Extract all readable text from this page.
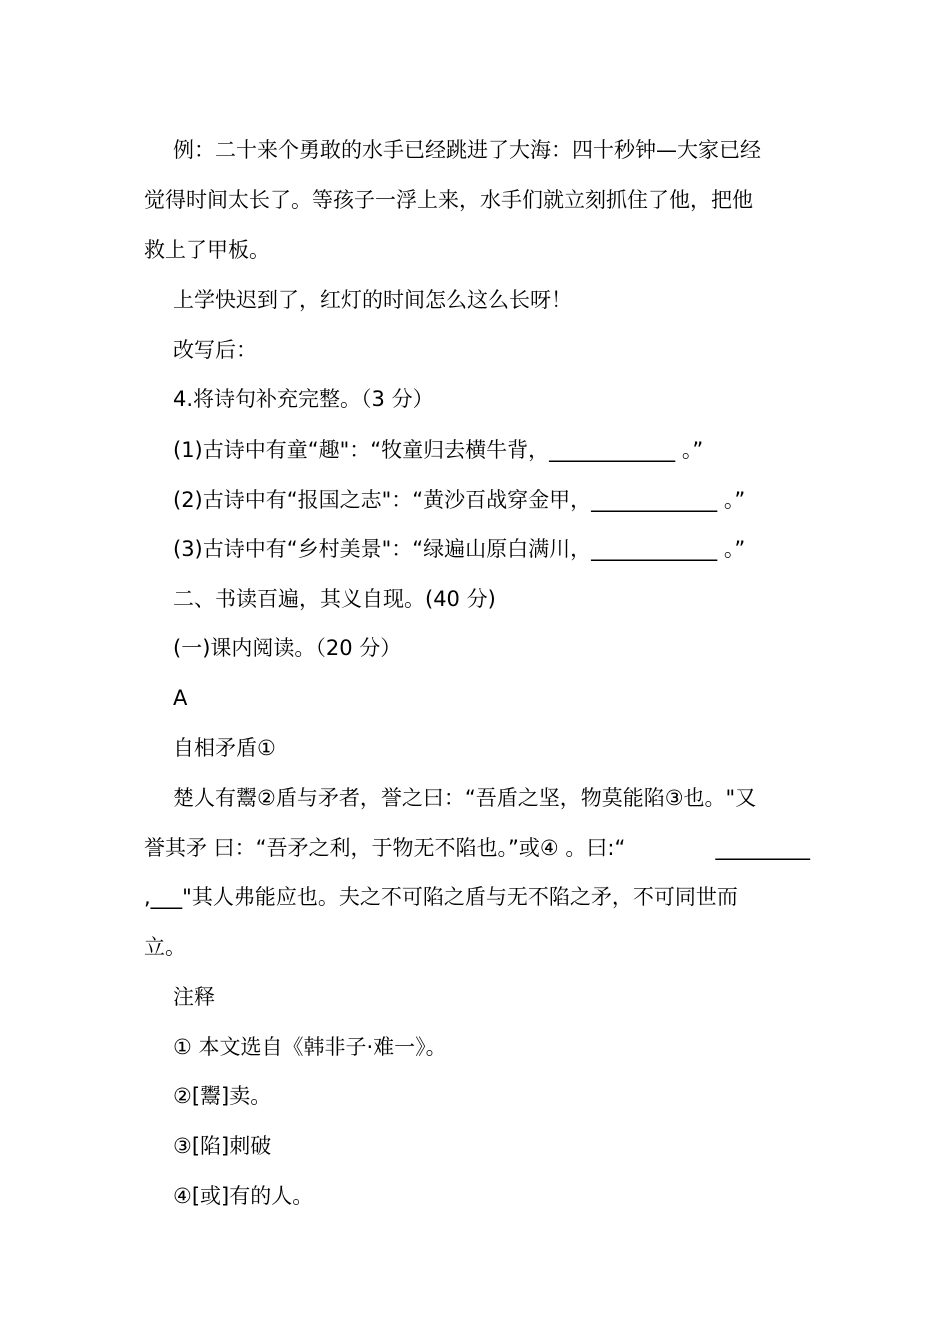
例：二十来个勇敢的水手已经跳进了大海：四十秒钟—大家已经
觉得时间太长了。等孩子一浮上来，水手们就立刻抓住了他，把他
救上了甲板。
上学快迟到了，红灯的时间怎么这么长呀！
改写后：
4.将诗句补充完整。（3 分）
(1)古诗中有童“趣"：“牧童归去横牛背，____________ 。”
(2)古诗中有“报国之志"：“黄沙百战穿金甲，____________ 。”
(3)古诗中有“乡村美景"：“绿遍山原白满川，____________ 。”
二、书读百遍，其义自现。(40 分)
(一)课内阅读。（20 分）
A
自相矛盾①
楚人有鬻②盾与矛者，誉之曰：“吾盾之坚，物莫能陷③也。"又
誉其矛 曰：“吾矛之利，于物无不陷也。”或④ 。曰:“	_________
,___"其人弗能应也。夫之不可陷之盾与无不陷之矛，不可同世而
立。
注释
① 本文选自《韩非子·难一》。
②[鬻]卖。
③[陷]刺破
④[或]有的人。
